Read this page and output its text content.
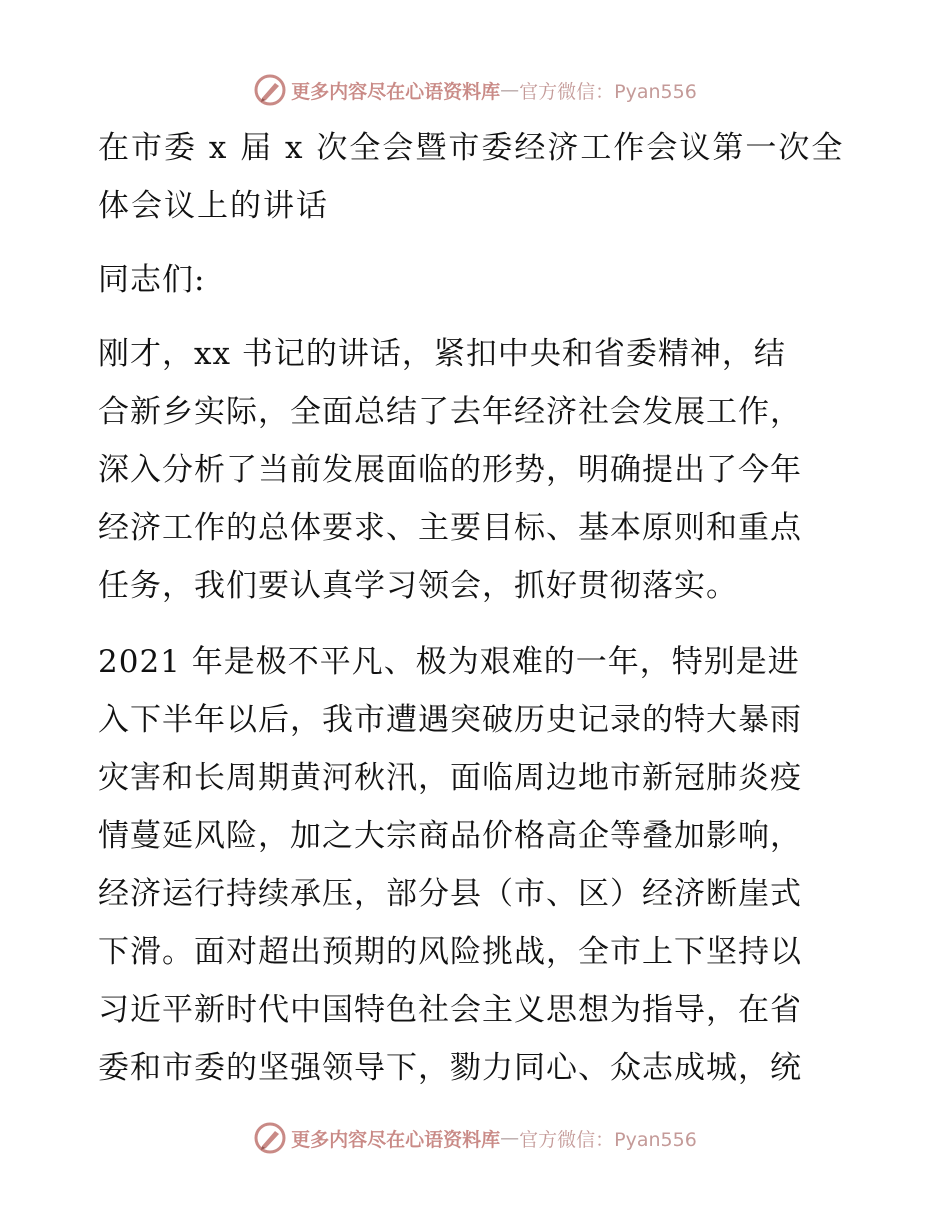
更多内容尽在心语资料库 — 官方微信：Pyan556
在市委 x 届 x 次全会暨市委经济工作会议第一次全
体会议上的讲话
同志们:
刚才，xx 书记的讲话，紧扣中央和省委精神，结
合新乡实际，全面总结了去年经济社会发展工作，
深入分析了当前发展面临的形势，明确提出了今年
经济工作的总体要求、主要目标、基本原则和重点
任务，我们要认真学习领会，抓好贯彻落实。
2021 年是极不平凡、极为艰难的一年，特别是进
入下半年以后，我市遭遇突破历史记录的特大暴雨
灾害和长周期黄河秋汛，面临周边地市新冠肺炎疫
情蔓延风险，加之大宗商品价格高企等叠加影响，
经济运行持续承压，部分县（市、区）经济断崖式
下滑。面对超出预期的风险挑战，全市上下坚持以
习近平新时代中国特色社会主义思想为指导，在省
委和市委的坚强领导下，勠力同心、众志成城，统
更多内容尽在心语资料库 — 官方微信：Pyan556
